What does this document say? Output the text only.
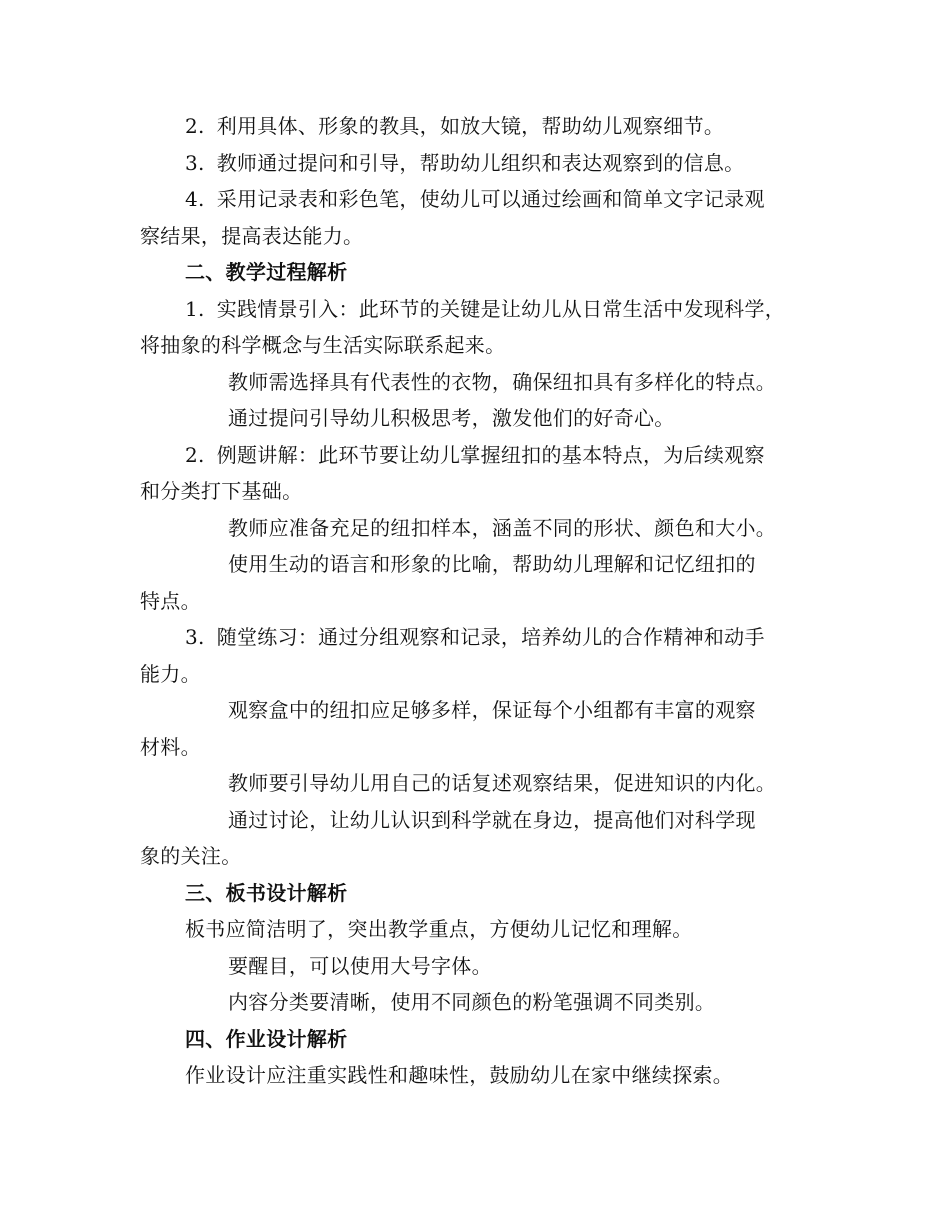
2. 利用具体、形象的教具，如放大镜，帮助幼儿观察细节。
3. 教师通过提问和引导，帮助幼儿组织和表达观察到的信息。
4. 采用记录表和彩色笔，使幼儿可以通过绘画和简单文字记录观
察结果，提高表达能力。
二、教学过程解析
1. 实践情景引入：此环节的关键是让幼儿从日常生活中发现科学，
将抽象的科学概念与生活实际联系起来。
教师需选择具有代表性的衣物，确保纽扣具有多样化的特点。
通过提问引导幼儿积极思考，激发他们的好奇心。
2. 例题讲解：此环节要让幼儿掌握纽扣的基本特点，为后续观察
和分类打下基础。
教师应准备充足的纽扣样本，涵盖不同的形状、颜色和大小。
使用生动的语言和形象的比喻，帮助幼儿理解和记忆纽扣的
特点。
3. 随堂练习：通过分组观察和记录，培养幼儿的合作精神和动手
能力。
观察盒中的纽扣应足够多样，保证每个小组都有丰富的观察
材料。
教师要引导幼儿用自己的话复述观察结果，促进知识的内化。
通过讨论，让幼儿认识到科学就在身边，提高他们对科学现
象的关注。
三、板书设计解析
板书应简洁明了，突出教学重点，方便幼儿记忆和理解。
要醒目，可以使用大号字体。
内容分类要清晰，使用不同颜色的粉笔强调不同类别。
四、作业设计解析
作业设计应注重实践性和趣味性，鼓励幼儿在家中继续探索。
